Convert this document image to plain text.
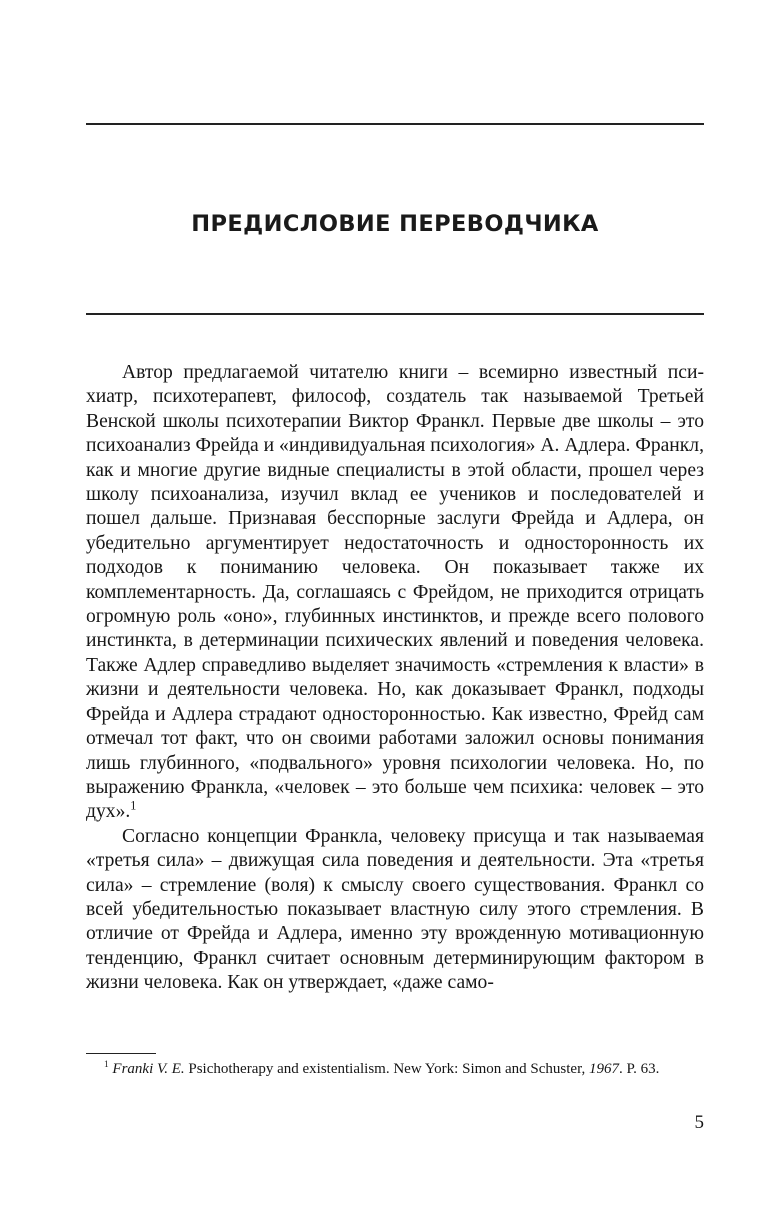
ПРЕДИСЛОВИЕ ПЕРЕВОДЧИКА

Автор предлагаемой читателю книги – всемирно известный психиатр, психотерапевт, философ, создатель так называемой Третьей Венской школы психотерапии Виктор Франкл. Первые две школы – это психоанализ Фрейда и «индивидуальная психология» А. Адлера. Франкл, как и многие другие видные специалисты в этой области, прошел через школу психоанализа, изучил вклад ее учеников и последователей и пошел дальше. Признавая бесспорные заслуги Фрейда и Адлера, он убедительно аргументирует недостаточность и односторонность их подходов к пониманию человека. Он показывает также их комплементарность. Да, соглашаясь с Фрейдом, не приходится отрицать огромную роль «оно», глубинных инстинктов, и прежде всего полового инстинкта, в детерминации психических явлений и поведения человека. Также Адлер справедливо выделяет значимость «стремления к власти» в жизни и деятельности человека. Но, как доказывает Франкл, подходы Фрейда и Адлера страдают односторонностью. Как известно, Фрейд сам отмечал тот факт, что он своими работами заложил основы понимания лишь глубинного, «подвального» уровня психологии человека. Но, по выражению Франкла, «человек – это больше чем психика: человек – это дух».$^1$

Согласно концепции Франкла, человеку присуща и так называемая «третья сила» – движущая сила поведения и деятельности. Эта «третья сила» – стремление (воля) к смыслу своего существования. Франкл со всей убедительностью показывает властную силу этого стремления. В отличие от Фрейда и Адлера, именно эту врожденную мотивационную тенденцию, Франкл считает основным детерминирующим фактором в жизни человека. Как он утверждает, «даже само-

$^1$ Franki V. E. Psichotherapy and existentialism. New York: Simon and Schuster, 1967. P. 63.

5
